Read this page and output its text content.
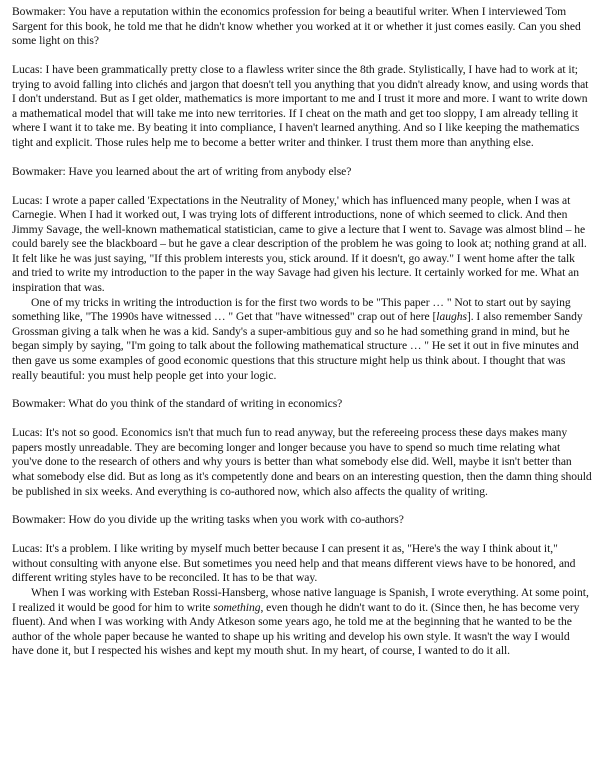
Bowmaker: You have a reputation within the economics profession for being a beautiful writer. When I interviewed Tom Sargent for this book, he told me that he didn't know whether you worked at it or whether it just comes easily. Can you shed some light on this?

Lucas: I have been grammatically pretty close to a flawless writer since the 8th grade. Stylistically, I have had to work at it; trying to avoid falling into clichés and jargon that doesn't tell you anything that you didn't already know, and using words that I don't understand. But as I get older, mathematics is more important to me and I trust it more and more. I want to write down a mathematical model that will take me into new territories. If I cheat on the math and get too sloppy, I am already telling it where I want it to take me. By beating it into compliance, I haven't learned anything. And so I like keeping the mathematics tight and explicit. Those rules help me to become a better writer and thinker. I trust them more than anything else.

Bowmaker: Have you learned about the art of writing from anybody else?

Lucas: I wrote a paper called 'Expectations in the Neutrality of Money,' which has influenced many people, when I was at Carnegie. When I had it worked out, I was trying lots of different introductions, none of which seemed to click. And then Jimmy Savage, the well-known mathematical statistician, came to give a lecture that I went to. Savage was almost blind – he could barely see the blackboard – but he gave a clear description of the problem he was going to look at; nothing grand at all. It felt like he was just saying, "If this problem interests you, stick around. If it doesn't, go away." I went home after the talk and tried to write my introduction to the paper in the way Savage had given his lecture. It certainly worked for me. What an inspiration that was.

One of my tricks in writing the introduction is for the first two words to be "This paper … " Not to start out by saying something like, "The 1990s have witnessed … " Get that "have witnessed" crap out of here [laughs]. I also remember Sandy Grossman giving a talk when he was a kid. Sandy's a super-ambitious guy and so he had something grand in mind, but he began simply by saying, "I'm going to talk about the following mathematical structure … " He set it out in five minutes and then gave us some examples of good economic questions that this structure might help us think about. I thought that was really beautiful: you must help people get into your logic.

Bowmaker: What do you think of the standard of writing in economics?

Lucas: It's not so good. Economics isn't that much fun to read anyway, but the refereeing process these days makes many papers mostly unreadable. They are becoming longer and longer because you have to spend so much time relating what you've done to the research of others and why yours is better than what somebody else did. Well, maybe it isn't better than what somebody else did. But as long as it's competently done and bears on an interesting question, then the damn thing should be published in six weeks. And everything is co-authored now, which also affects the quality of writing.

Bowmaker: How do you divide up the writing tasks when you work with co-authors?

Lucas: It's a problem. I like writing by myself much better because I can present it as, "Here's the way I think about it," without consulting with anyone else. But sometimes you need help and that means different views have to be honored, and different writing styles have to be reconciled. It has to be that way.

When I was working with Esteban Rossi-Hansberg, whose native language is Spanish, I wrote everything. At some point, I realized it would be good for him to write something, even though he didn't want to do it. (Since then, he has become very fluent). And when I was working with Andy Atkeson some years ago, he told me at the beginning that he wanted to be the author of the whole paper because he wanted to shape up his writing and develop his own style. It wasn't the way I would have done it, but I respected his wishes and kept my mouth shut. In my heart, of course, I wanted to do it all.
